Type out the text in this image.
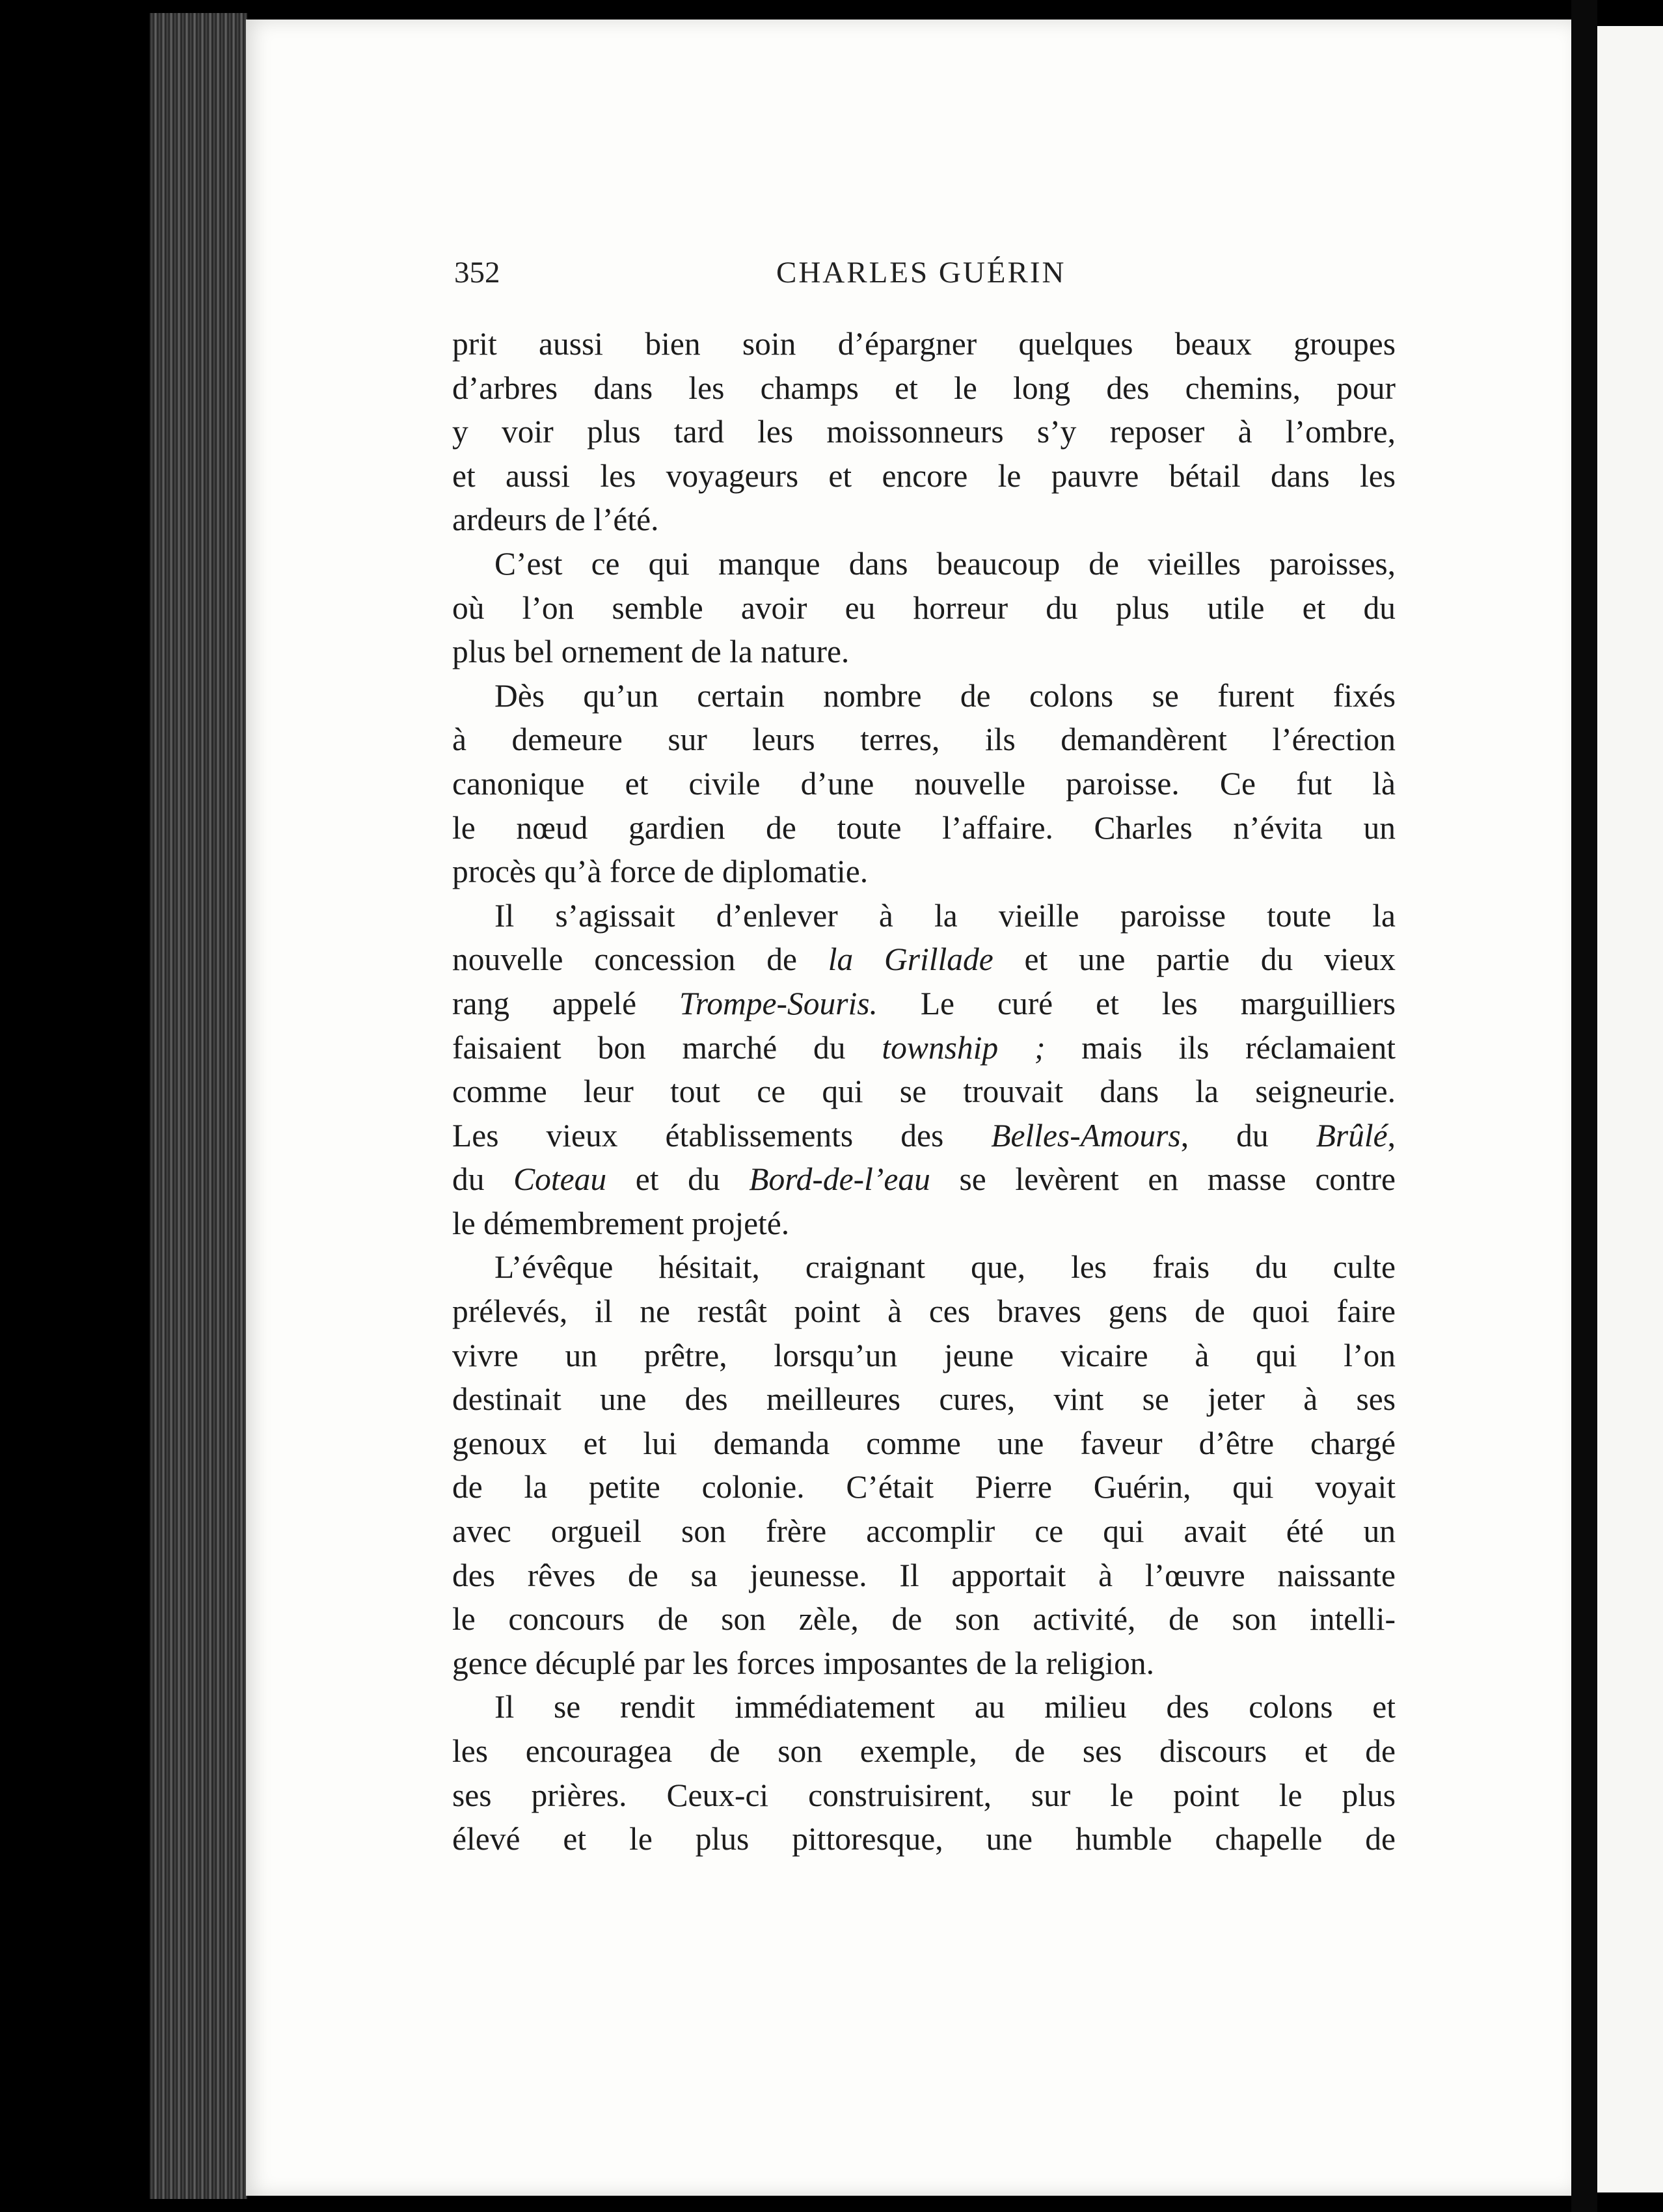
352	CHARLES GUÉRIN
prit aussi bien soin d’épargner quelques beaux groupes
d’arbres dans les champs et le long des chemins, pour
y voir plus tard les moissonneurs s’y reposer à l’ombre,
et aussi les voyageurs et encore le pauvre bétail dans les
ardeurs de l’été.
C’est ce qui manque dans beaucoup de vieilles paroisses,
où l’on semble avoir eu horreur du plus utile et du
plus bel ornement de la nature.
Dès qu’un certain nombre de colons se furent fixés
à demeure sur leurs terres, ils demandèrent l’érection
canonique et civile d’une nouvelle paroisse. Ce fut là
le nœud gardien de toute l’affaire. Charles n’évita un
procès qu’à force de diplomatie.
Il s’agissait d’enlever à la vieille paroisse toute la
nouvelle concession de la Grillade et une partie du vieux
rang appelé Trompe-Souris. Le curé et les marguilliers
faisaient bon marché du township ; mais ils réclamaient
comme leur tout ce qui se trouvait dans la seigneurie.
Les vieux établissements des Belles-Amours, du Brûlé,
du Coteau et du Bord-de-l’eau se levèrent en masse contre
le démembrement projeté.
L’évêque hésitait, craignant que, les frais du culte
prélevés, il ne restât point à ces braves gens de quoi faire
vivre un prêtre, lorsqu’un jeune vicaire à qui l’on
destinait une des meilleures cures, vint se jeter à ses
genoux et lui demanda comme une faveur d’être chargé
de la petite colonie. C’était Pierre Guérin, qui voyait
avec orgueil son frère accomplir ce qui avait été un
des rêves de sa jeunesse. Il apportait à l’œuvre naissante
le concours de son zèle, de son activité, de son intelli-
gence décuplé par les forces imposantes de la religion.
Il se rendit immédiatement au milieu des colons et
les encouragea de son exemple, de ses discours et de
ses prières. Ceux-ci construisirent, sur le point le plus
élevé et le plus pittoresque, une humble chapelle de
